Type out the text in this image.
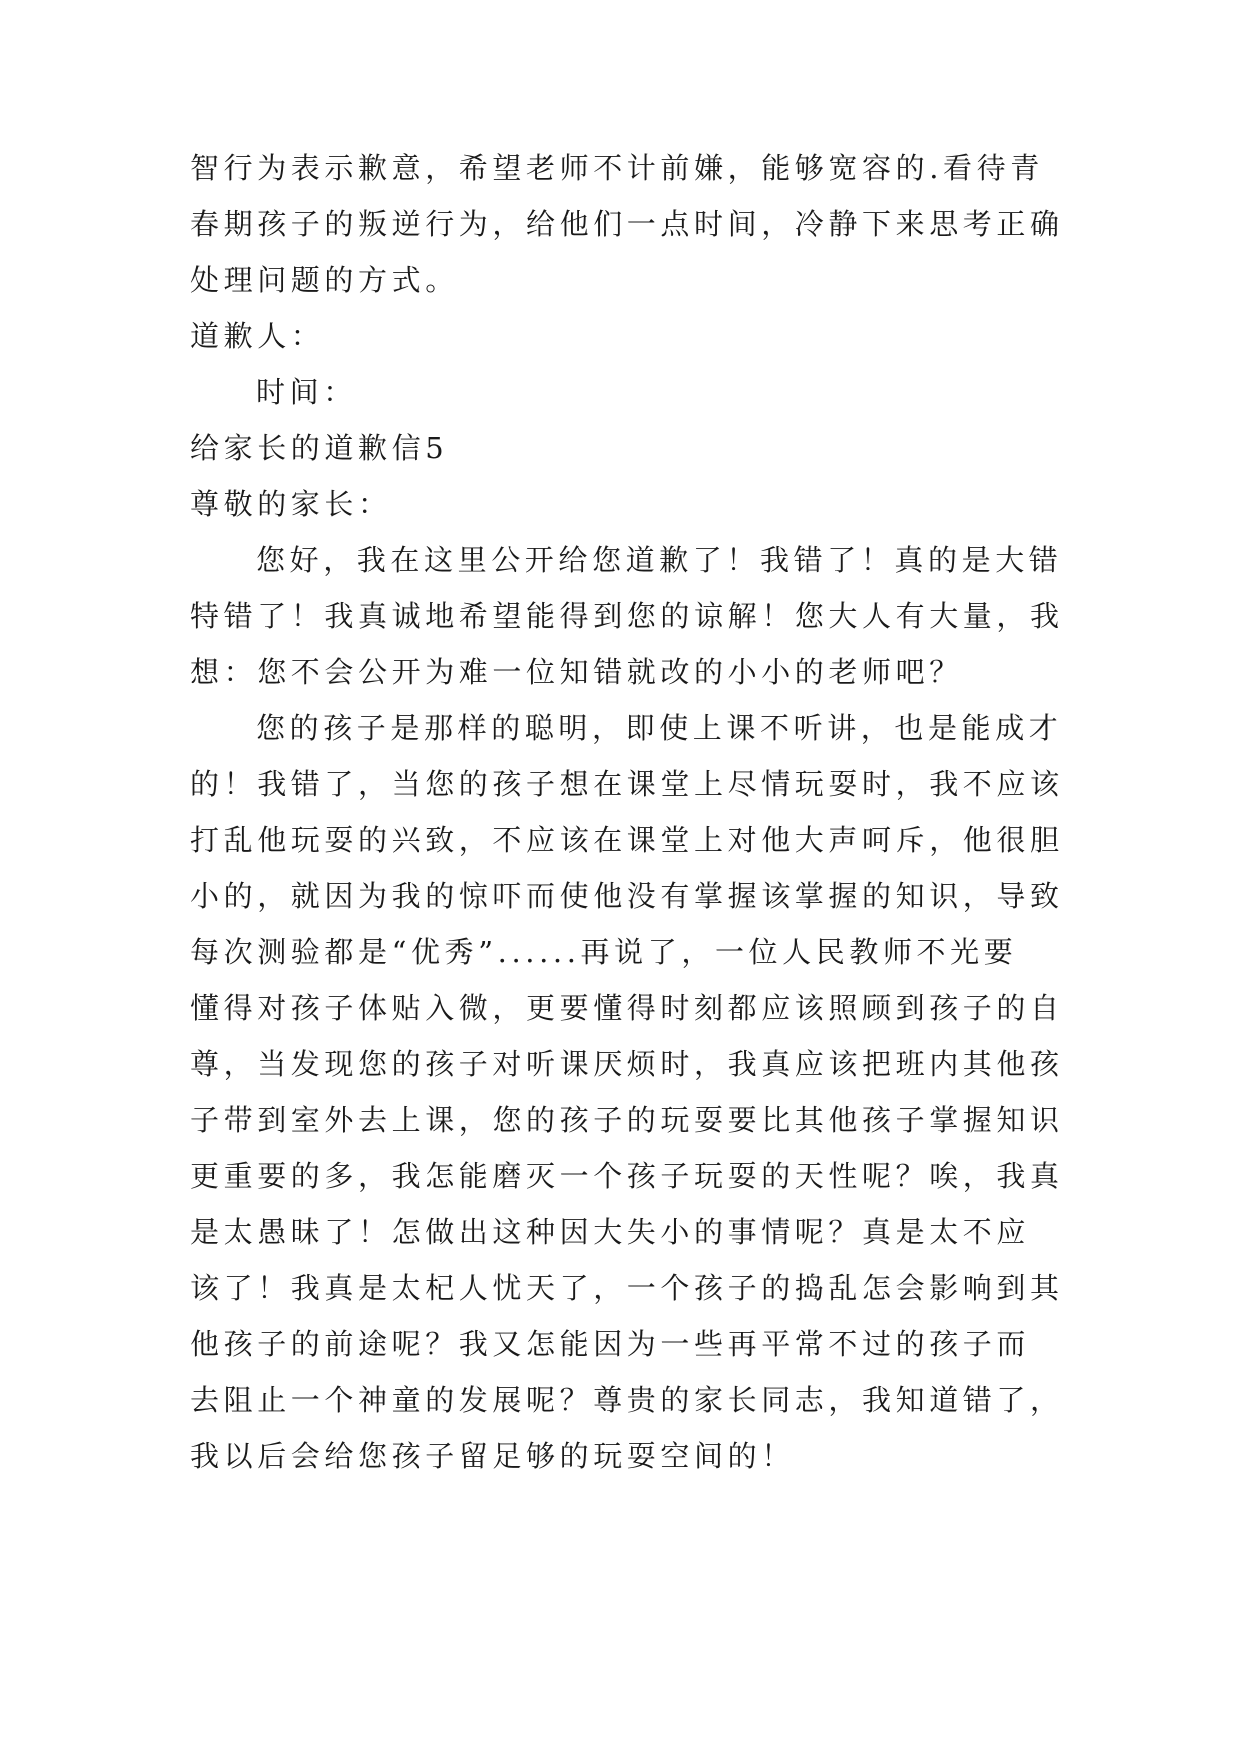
智行为表示歉意，希望老师不计前嫌，能够宽容的.看待青
春期孩子的叛逆行为，给他们一点时间，冷静下来思考正确
处理问题的方式。
道歉人：
时间：
给家长的道歉信5
尊敬的家长：
您好，我在这里公开给您道歉了！我错了！真的是大错
特错了！我真诚地希望能得到您的谅解！您大人有大量，我
想：您不会公开为难一位知错就改的小小的老师吧？
您的孩子是那样的聪明，即使上课不听讲，也是能成才
的！我错了，当您的孩子想在课堂上尽情玩耍时，我不应该
打乱他玩耍的兴致，不应该在课堂上对他大声呵斥，他很胆
小的，就因为我的惊吓而使他没有掌握该掌握的知识，导致
每次测验都是“优秀”......再说了，一位人民教师不光要
懂得对孩子体贴入微，更要懂得时刻都应该照顾到孩子的自
尊，当发现您的孩子对听课厌烦时，我真应该把班内其他孩
子带到室外去上课，您的孩子的玩耍要比其他孩子掌握知识
更重要的多，我怎能磨灭一个孩子玩耍的天性呢？唉，我真
是太愚昧了！怎做出这种因大失小的事情呢？真是太不应
该了！我真是太杞人忧天了，一个孩子的捣乱怎会影响到其
他孩子的前途呢？我又怎能因为一些再平常不过的孩子而
去阻止一个神童的发展呢？尊贵的家长同志，我知道错了，
我以后会给您孩子留足够的玩耍空间的！
